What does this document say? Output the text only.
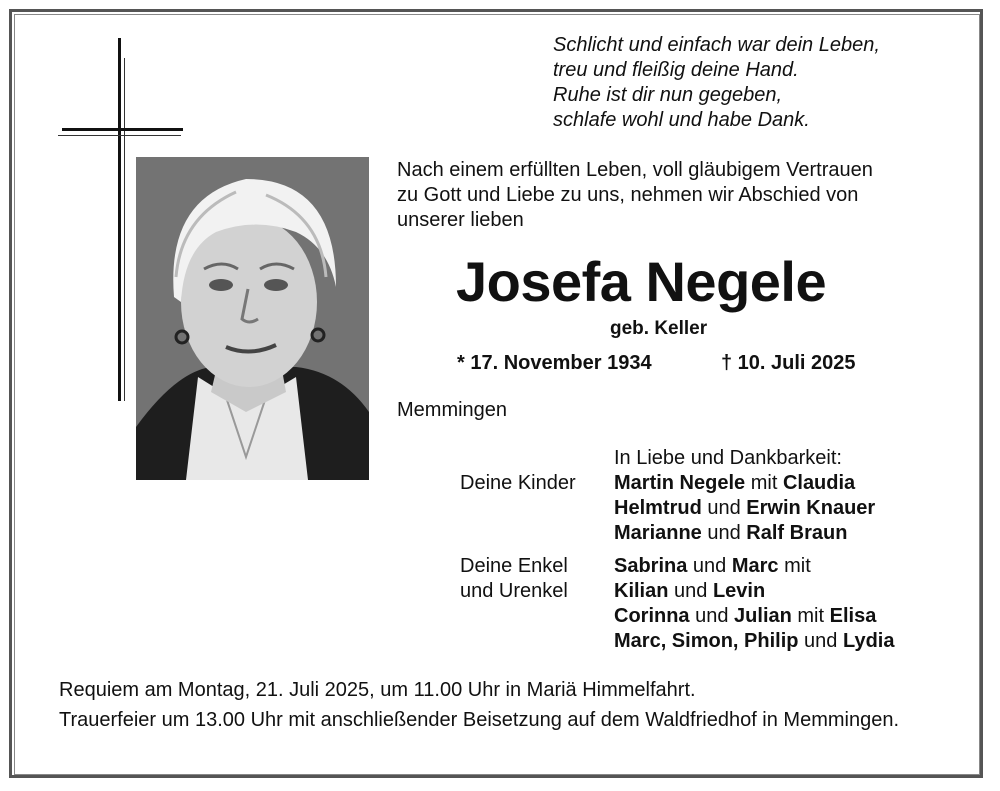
Schlicht und einfach war dein Leben,
treu und fleißig deine Hand.
Ruhe ist dir nun gegeben,
schlafe wohl und habe Dank.
Nach einem erfüllten Leben, voll gläubigem Vertrauen
zu Gott und Liebe zu uns, nehmen wir Abschied von
unserer lieben
Josefa Negele
geb. Keller
* 17. November 1934	† 10. Juli 2025
Memmingen
In Liebe und Dankbarkeit:
Deine Kinder Martin Negele mit Claudia
Helmtrud und Erwin Knauer
Marianne und Ralf Braun
Deine Enkel
und Urenkel
Sabrina und Marc mit
Kilian und Levin
Corinna und Julian mit Elisa
Marc, Simon, Philip und Lydia
Requiem am Montag, 21. Juli 2025, um 11.00 Uhr in Mariä Himmelfahrt.
Trauerfeier um 13.00 Uhr mit anschließender Beisetzung auf dem Waldfriedhof in Memmingen.
